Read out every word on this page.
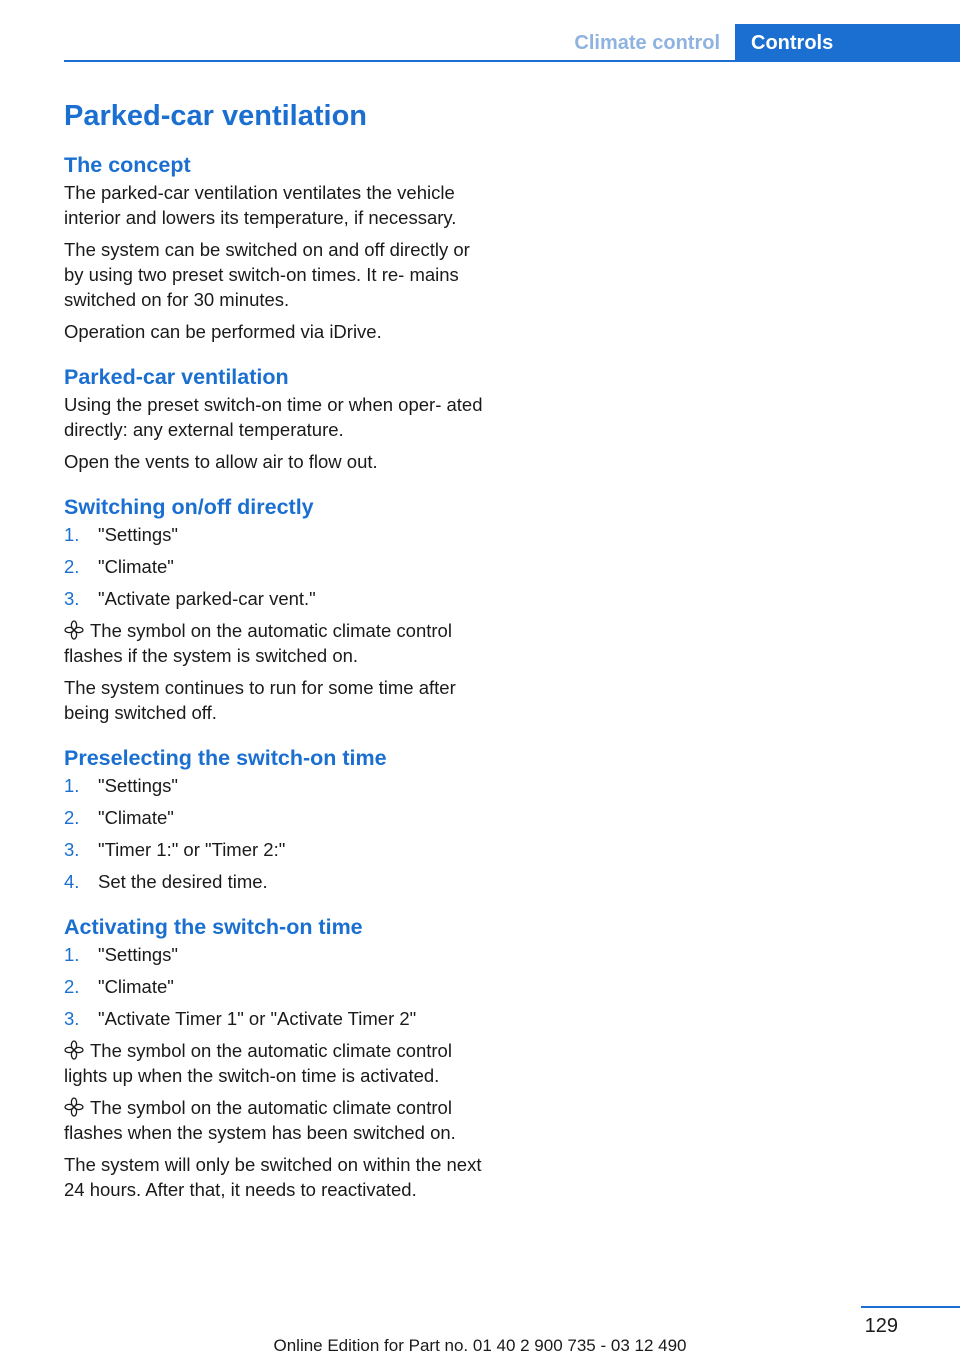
Climate control	Controls
Parked-car ventilation
The concept

The parked-car ventilation ventilates the vehicle interior and lowers its temperature, if necessary.

The system can be switched on and off directly or by using two preset switch-on times. It re- mains switched on for 30 minutes.

Operation can be performed via iDrive.

Parked-car ventilation

Using the preset switch-on time or when oper- ated directly: any external temperature.

Open the vents to allow air to flow out.

Switching on/off directly
1.	"Settings"
2.	"Climate"
3.	"Activate parked-car vent."

The symbol on the automatic climate control flashes if the system is switched on.

The system continues to run for some time after being switched off.

Preselecting the switch-on time
1.	"Settings"
2.	"Climate"
3.	"Timer 1:" or "Timer 2:"
4.	Set the desired time.
Activating the switch-on time
1.	"Settings"
2.	"Climate"
3.	"Activate Timer 1" or "Activate Timer 2"

The symbol on the automatic climate control lights up when the switch-on time is activated.

The symbol on the automatic climate control flashes when the system has been switched on.

The system will only be switched on within the next 24 hours. After that, it needs to reactivated.

129
Online Edition for Part no. 01 40 2 900 735 - 03 12 490
